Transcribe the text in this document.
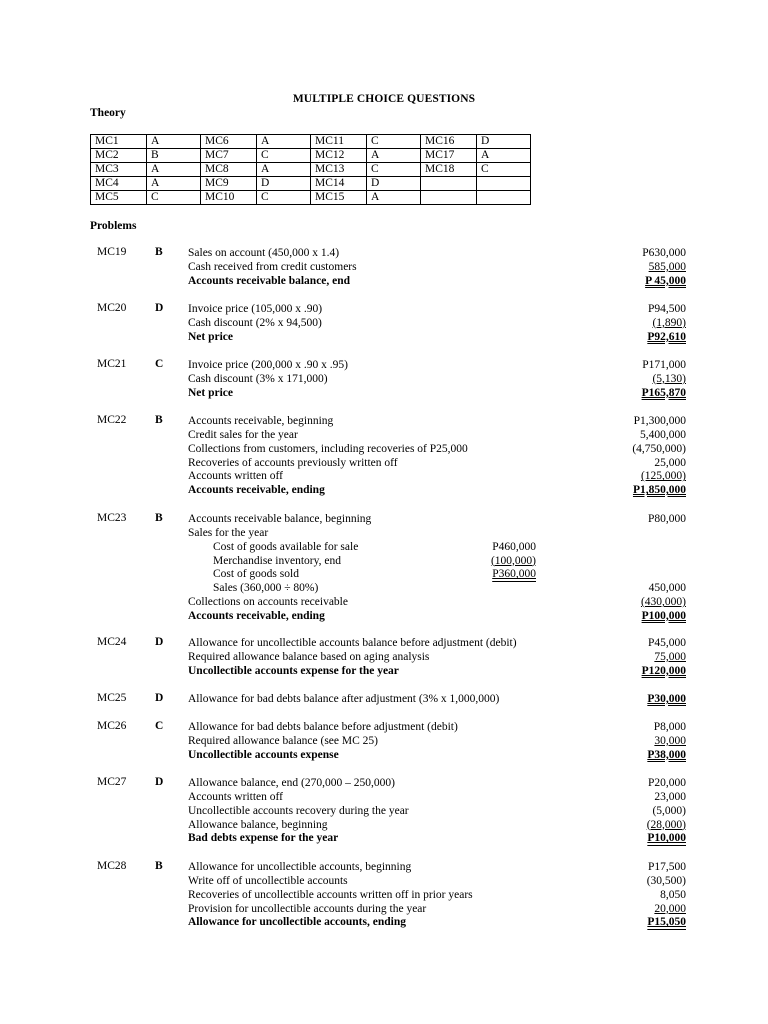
MULTIPLE CHOICE QUESTIONS
Theory
MC1	A	MC6	A	MC11	C	MC16	D
MC2	B	MC7	C	MC12	A	MC17	A
MC3	A	MC8	A	MC13	C	MC18	C
MC4	A	MC9	D	MC14	D		
MC5	C	MC10	C	MC15	A		
Problems
MC19 B Sales on account (450,000 x 1.4)	P630,000
Cash received from credit customers	585,000
Accounts receivable balance, end	P 45,000
MC20 D Invoice price (105,000 x .90)	P94,500
Cash discount (2% x 94,500)	(1,890)
Net price	P92,610
MC21 C Invoice price (200,000 x .90 x .95)	P171,000
Cash discount (3% x 171,000)	(5,130)
Net price	P165,870
MC22 B Accounts receivable, beginning	P1,300,000
Credit sales for the year	5,400,000
Collections from customers, including recoveries of P25,000	(4,750,000)
Recoveries of accounts previously written off	25,000
Accounts written off	(125,000)
Accounts receivable, ending	P1,850,000
MC23 B Accounts receivable balance, beginning	P80,000
Sales for the year
Cost of goods available for sale	P460,000
Merchandise inventory, end	(100,000)
Cost of goods sold	P360,000
Sales (360,000 ÷ 80%)	450,000
Collections on accounts receivable	(430,000)
Accounts receivable, ending	P100,000
MC24 D Allowance for uncollectible accounts balance before adjustment (debit)	P45,000
Required allowance balance based on aging analysis	75,000
Uncollectible accounts expense for the year	P120,000
MC25 D Allowance for bad debts balance after adjustment (3% x 1,000,000)	P30,000
MC26 C Allowance for bad debts balance before adjustment (debit)	P8,000
Required allowance balance (see MC 25)	30,000
Uncollectible accounts expense	P38,000
MC27 D Allowance balance, end (270,000 – 250,000)	P20,000
Accounts written off	23,000
Uncollectible accounts recovery during the year	(5,000)
Allowance balance, beginning	(28,000)
Bad debts expense for the year	P10,000
MC28 B Allowance for uncollectible accounts, beginning	P17,500
Write off of uncollectible accounts	(30,500)
Recoveries of uncollectible accounts written off in prior years	8,050
Provision for uncollectible accounts during the year	20,000
Allowance for uncollectible accounts, ending	P15,050
